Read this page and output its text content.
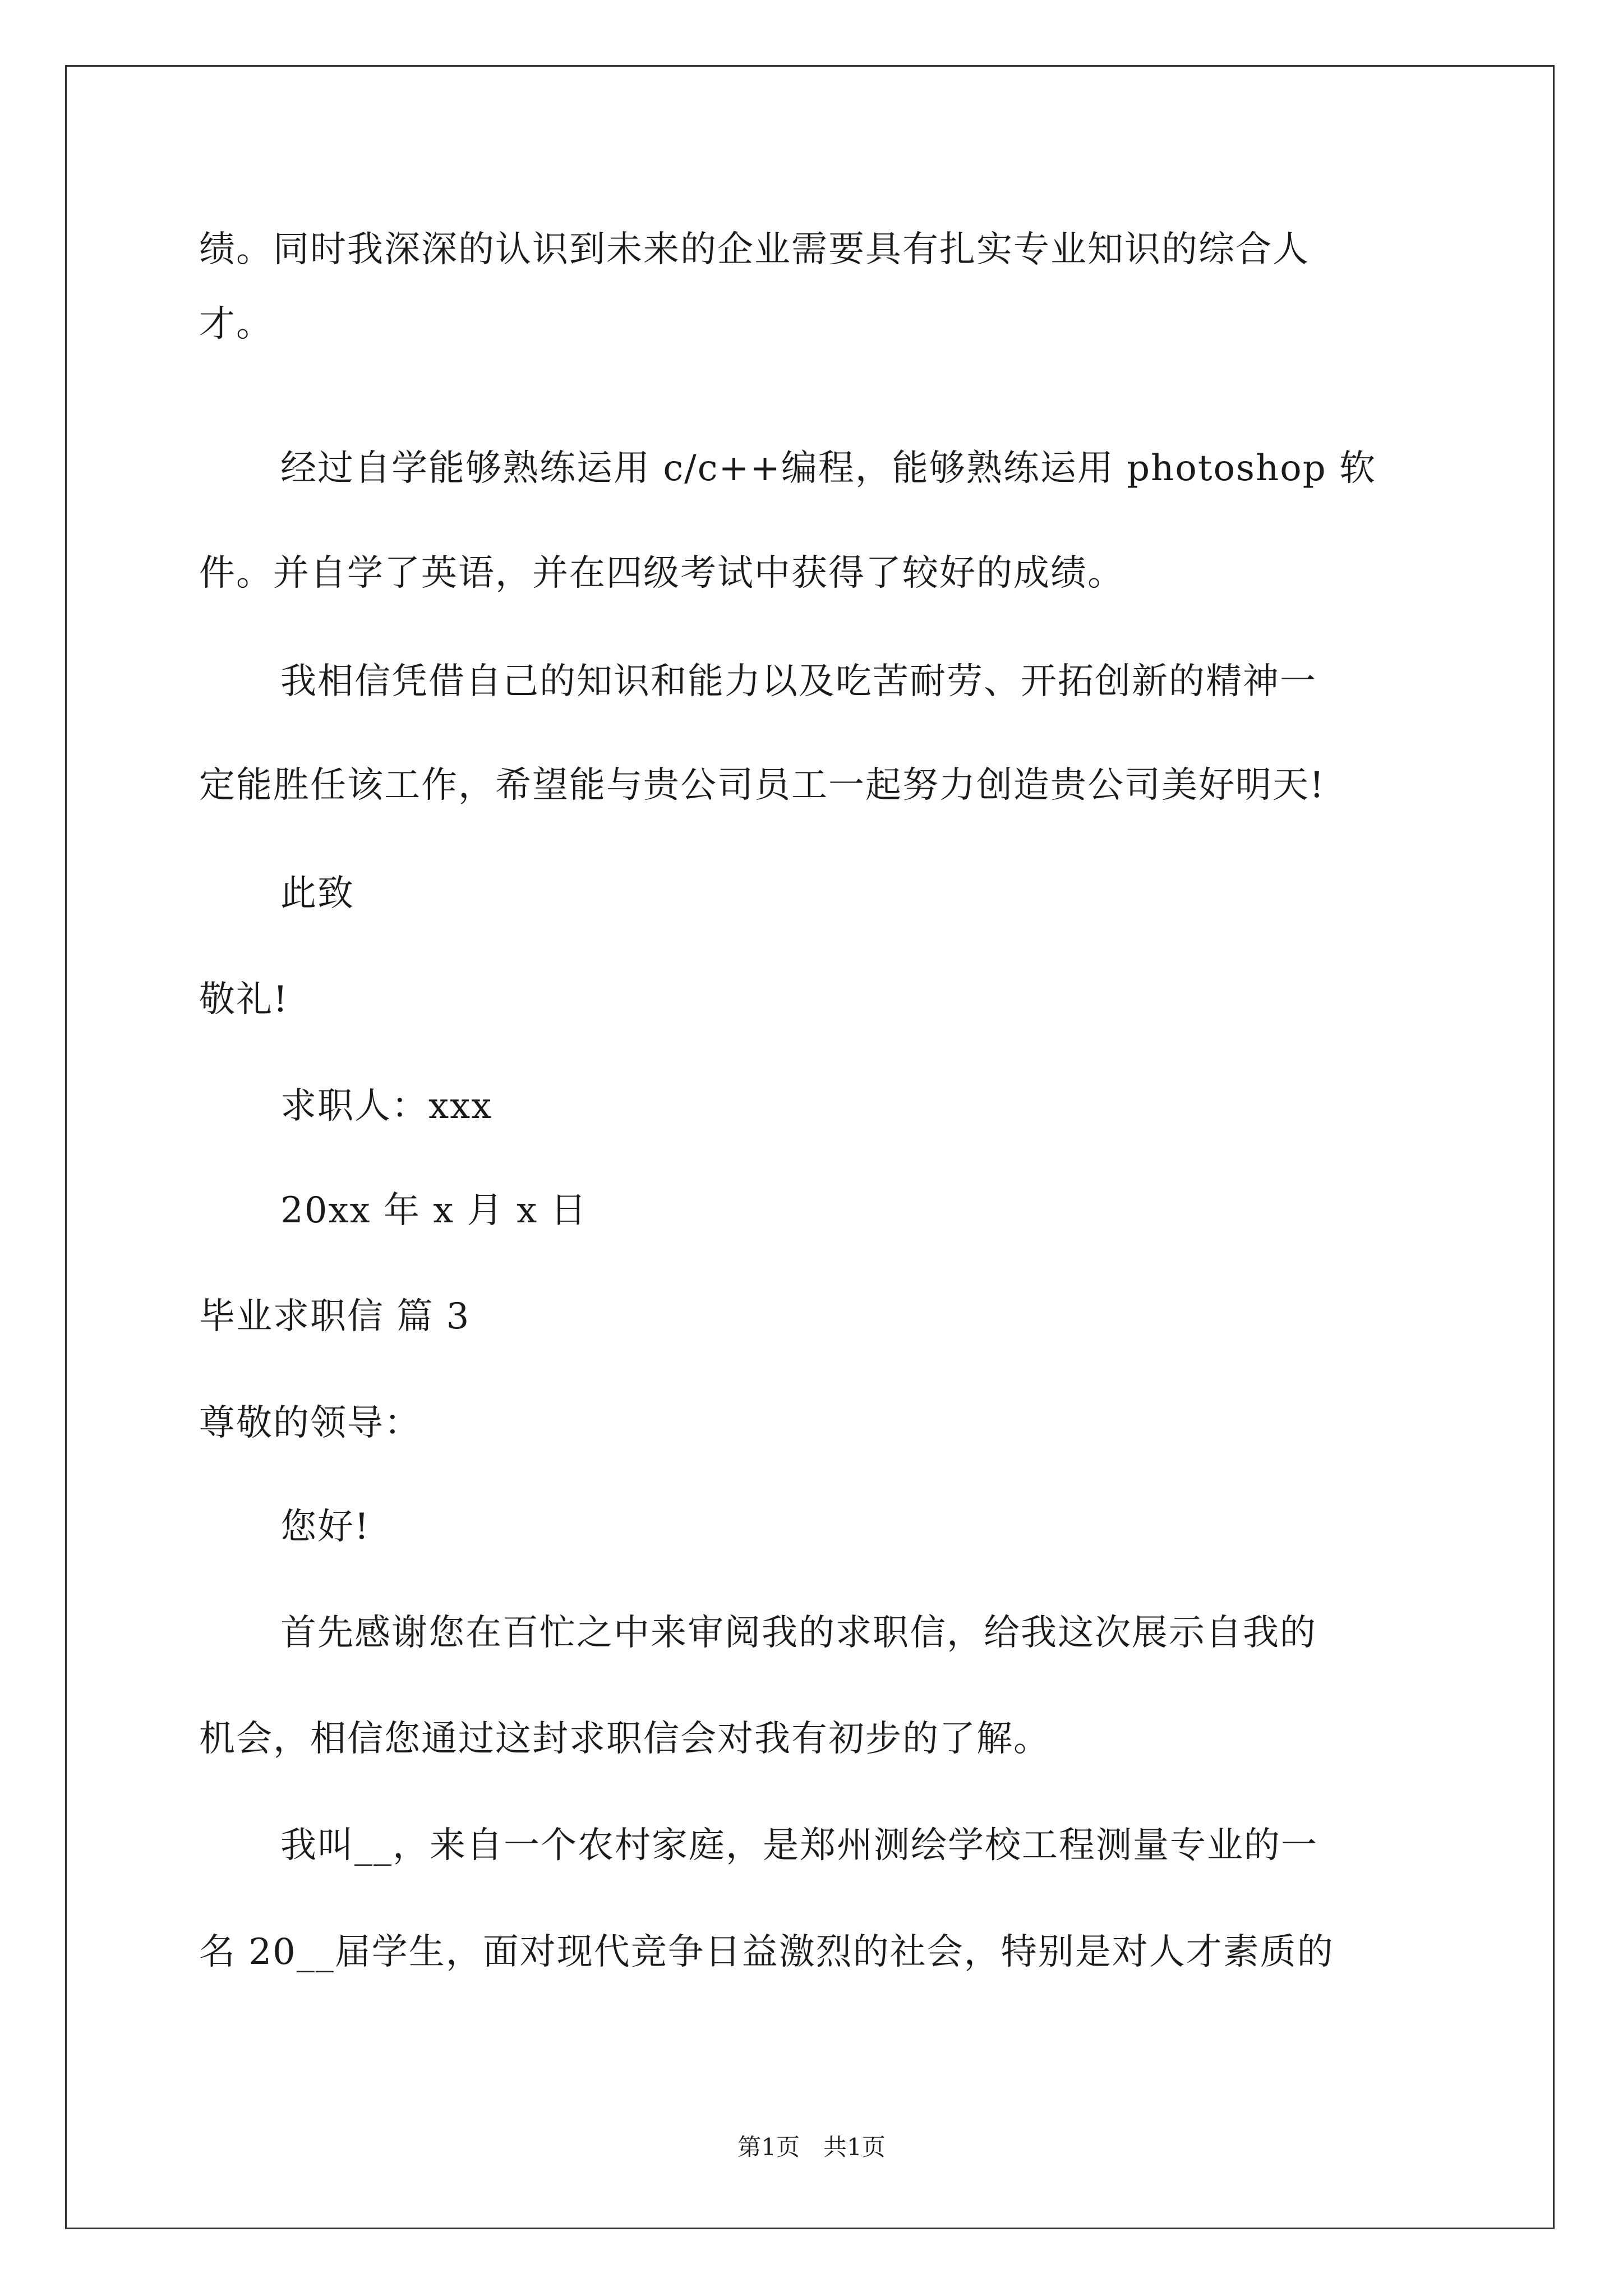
绩。同时我深深的认识到未来的企业需要具有扎实专业知识的综合人
才。
经过自学能够熟练运用 c/c++编程，能够熟练运用 photoshop 软
件。并自学了英语，并在四级考试中获得了较好的成绩。
我相信凭借自己的知识和能力以及吃苦耐劳、开拓创新的精神一
定能胜任该工作，希望能与贵公司员工一起努力创造贵公司美好明天!
此致
敬礼!
求职人：xxx
20xx 年 x 月 x 日
毕业求职信 篇 3
尊敬的领导：
您好!
首先感谢您在百忙之中来审阅我的求职信，给我这次展示自我的
机会，相信您通过这封求职信会对我有初步的了解。
我叫__，来自一个农村家庭，是郑州测绘学校工程测量专业的一
名 20__届学生，面对现代竞争日益激烈的社会，特别是对人才素质的
第1页　共1页
